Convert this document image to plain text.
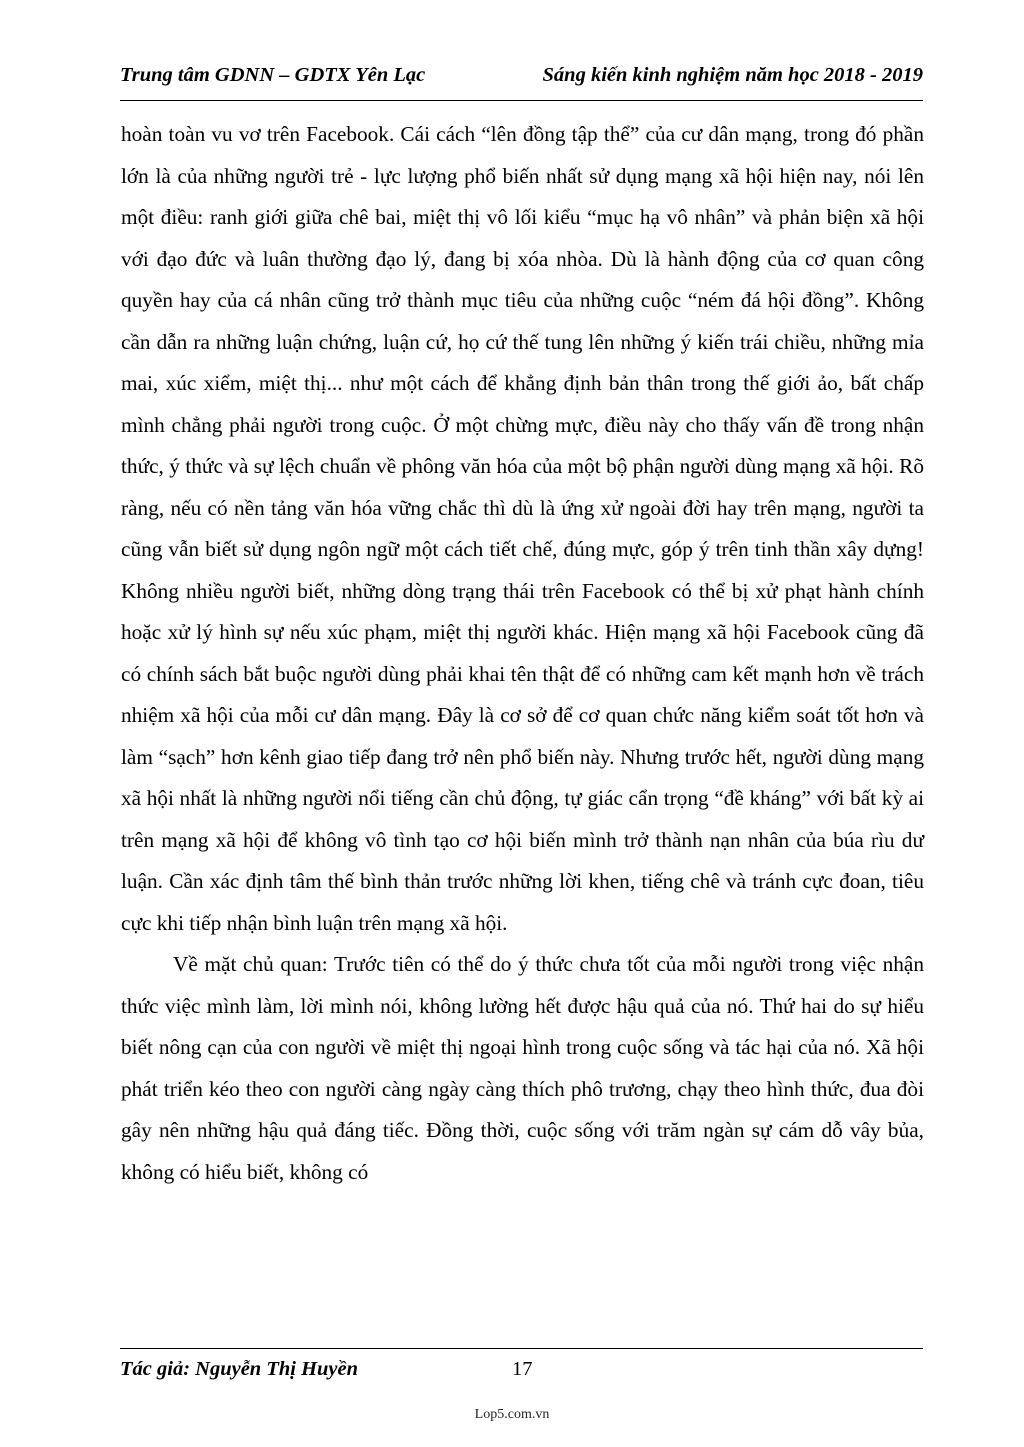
Trung tâm GDNN – GDTX Yên Lạc	Sáng kiến kinh nghiệm năm học 2018 - 2019

hoàn toàn vu vơ trên Facebook. Cái cách “lên đồng tập thể” của cư dân mạng, trong đó phần lớn là của những người trẻ - lực lượng phổ biến nhất sử dụng mạng xã hội hiện nay, nói lên một điều: ranh giới giữa chê bai, miệt thị vô lối kiểu “mục hạ vô nhân” và phản biện xã hội với đạo đức và luân thường đạo lý, đang bị xóa nhòa. Dù là hành động của cơ quan công quyền hay của cá nhân cũng trở thành mục tiêu của những cuộc “ném đá hội đồng”. Không cần dẫn ra những luận chứng, luận cứ, họ cứ thế tung lên những ý kiến trái chiều, những mỉa mai, xúc xiểm, miệt thị... như một cách để khẳng định bản thân trong thế giới ảo, bất chấp mình chẳng phải người trong cuộc. Ở một chừng mực, điều này cho thấy vấn đề trong nhận thức, ý thức và sự lệch chuẩn về phông văn hóa của một bộ phận người dùng mạng xã hội. Rõ ràng, nếu có nền tảng văn hóa vững chắc thì dù là ứng xử ngoài đời hay trên mạng, người ta cũng vẫn biết sử dụng ngôn ngữ một cách tiết chế, đúng mực, góp ý trên tinh thần xây dựng! Không nhiều người biết, những dòng trạng thái trên Facebook có thể bị xử phạt hành chính hoặc xử lý hình sự nếu xúc phạm, miệt thị người khác. Hiện mạng xã hội Facebook cũng đã có chính sách bắt buộc người dùng phải khai tên thật để có những cam kết mạnh hơn về trách nhiệm xã hội của mỗi cư dân mạng. Đây là cơ sở để cơ quan chức năng kiểm soát tốt hơn và làm “sạch” hơn kênh giao tiếp đang trở nên phổ biến này. Nhưng trước hết, người dùng mạng xã hội nhất là những người nổi tiếng cần chủ động, tự giác cẩn trọng “đề kháng” với bất kỳ ai trên mạng xã hội để không vô tình tạo cơ hội biến mình trở thành nạn nhân của búa rìu dư luận. Cần xác định tâm thế bình thản trước những lời khen, tiếng chê và tránh cực đoan, tiêu cực khi tiếp nhận bình luận trên mạng xã hội.

Về mặt chủ quan: Trước tiên có thể do ý thức chưa tốt của mỗi người trong việc nhận thức việc mình làm, lời mình nói, không lường hết được hậu quả của nó. Thứ hai do sự hiểu biết nông cạn của con người về miệt thị ngoại hình trong cuộc sống và tác hại của nó. Xã hội phát triển kéo theo con người càng ngày càng thích phô trương, chạy theo hình thức, đua đòi gây nên những hậu quả đáng tiếc. Đồng thời, cuộc sống với trăm ngàn sự cám dỗ vây bủa, không có hiểu biết, không có

Tác giả: Nguyễn Thị Huyền	17
Lop5.com.vn
